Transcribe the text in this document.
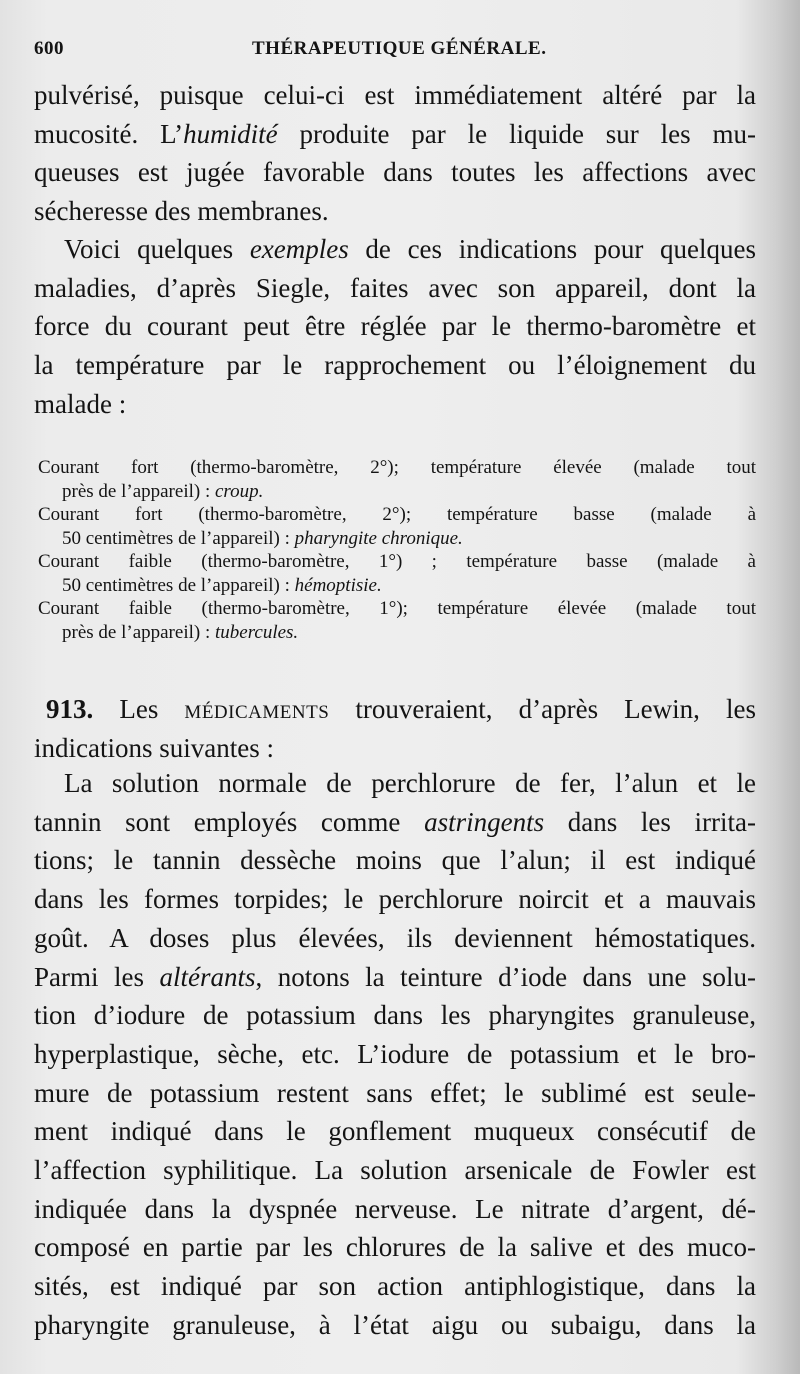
600	THÉRAPEUTIQUE GÉNÉRALE.

pulvérisé, puisque celui-ci est immédiatement altéré par la
mucosité. L’humidité produite par le liquide sur les mu-
queuses est jugée favorable dans toutes les affections avec
sécheresse des membranes.

Voici quelques exemples de ces indications pour quelques
maladies, d’après Siegle, faites avec son appareil, dont la
force du courant peut être réglée par le thermo-baromètre et
la température par le rapprochement ou l’éloignement du
malade :

Courant fort (thermo-baromètre, 2°); température élevée (malade tout
près de l’appareil) : croup.
Courant fort (thermo-baromètre, 2°); température basse (malade à
50 centimètres de l’appareil) : pharyngite chronique.
Courant faible (thermo-baromètre, 1°) ; température basse (malade à
50 centimètres de l’appareil) : hémoptisie.
Courant faible (thermo-baromètre, 1°); température élevée (malade tout
près de l’appareil) : tubercules.

913. Les médicaments trouveraient, d’après Lewin, les
indications suivantes :

La solution normale de perchlorure de fer, l’alun et le
tannin sont employés comme astringents dans les irrita-
tions; le tannin dessèche moins que l’alun; il est indiqué
dans les formes torpides; le perchlorure noircit et a mauvais
goût. A doses plus élevées, ils deviennent hémostatiques.
Parmi les altérants, notons la teinture d’iode dans une solu-
tion d’iodure de potassium dans les pharyngites granuleuse,
hyperplastique, sèche, etc. L’iodure de potassium et le bro-
mure de potassium restent sans effet; le sublimé est seule-
ment indiqué dans le gonflement muqueux consécutif de
l’affection syphilitique. La solution arsenicale de Fowler est
indiquée dans la dyspnée nerveuse. Le nitrate d’argent, dé-
composé en partie par les chlorures de la salive et des muco-
sités, est indiqué par son action antiphlogistique, dans la
pharyngite granuleuse, à l’état aigu ou subaigu, dans la
